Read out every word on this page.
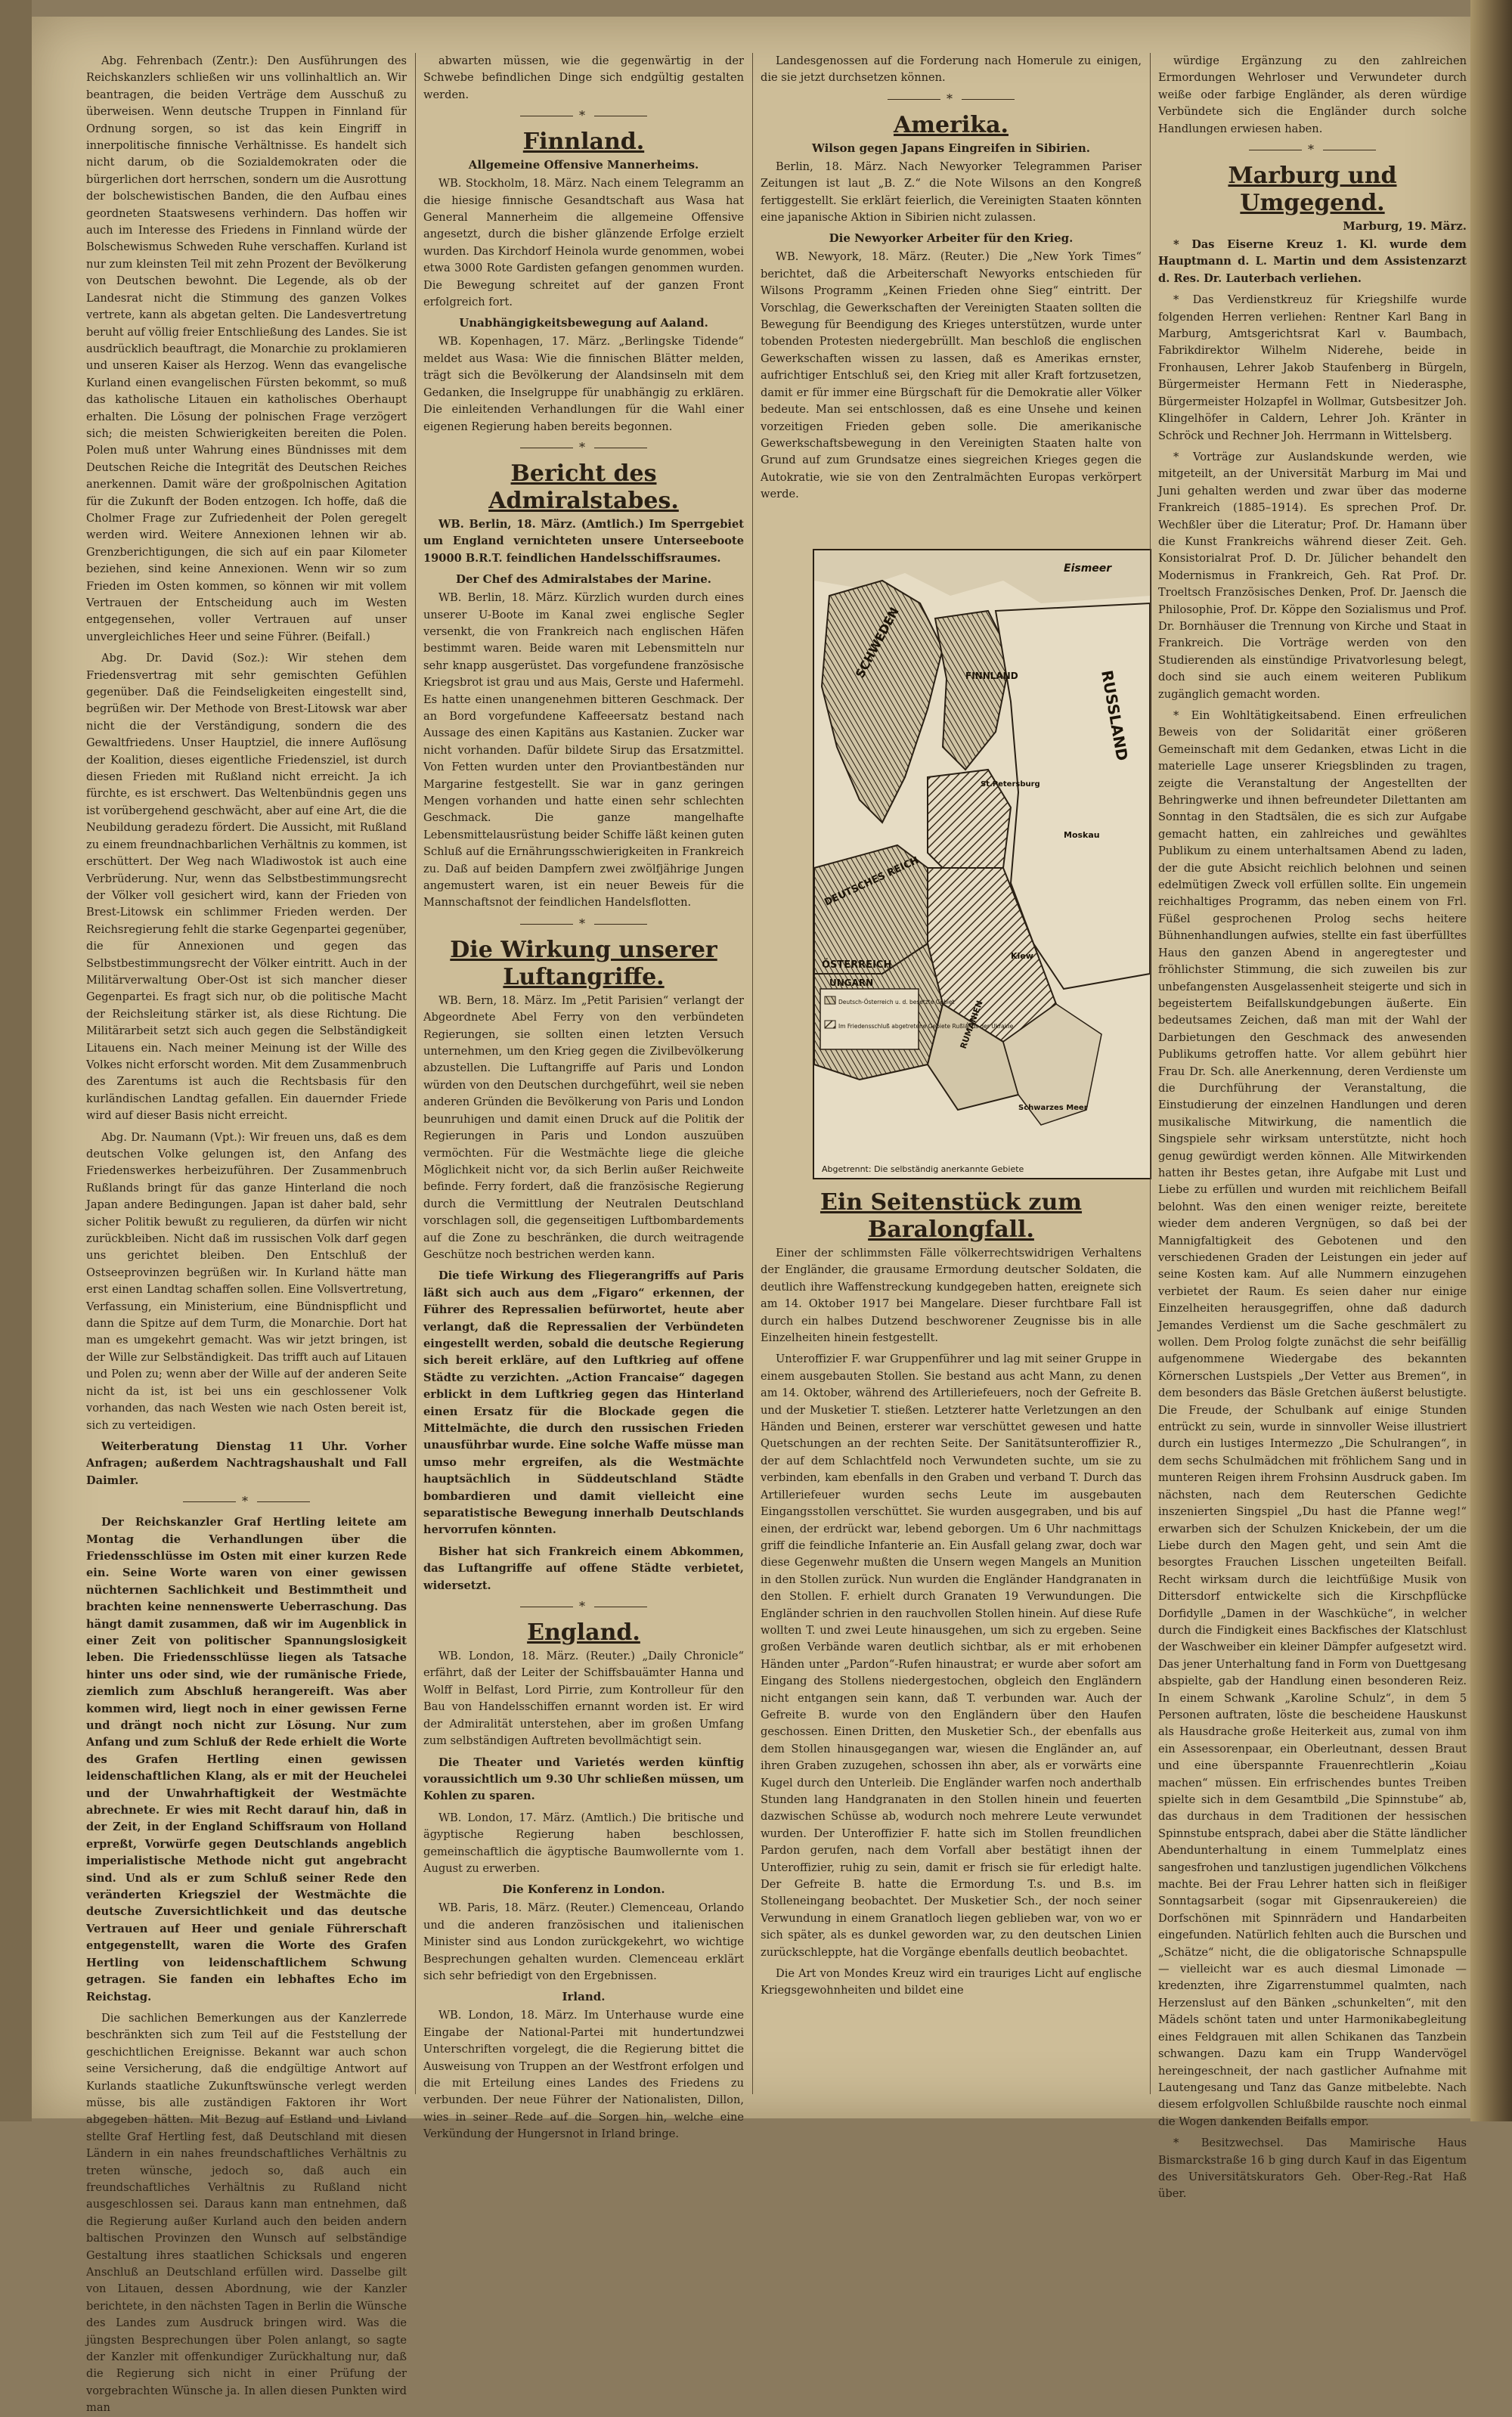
Abg. Fehrenbach (Zentr.): Den Ausführungen des Reichskanzlers schließen wir uns vollinhaltlich an. Wir beantragen, die beiden Verträge dem Ausschuß zu überweisen. Wenn deutsche Truppen in Finnland für Ordnung sorgen, so ist das kein Eingriff in innerpolitische finnische Verhältnisse. Es handelt sich nicht darum, ob die Sozialdemokraten oder die bürgerlichen dort herrschen, sondern um die Ausrottung der bolschewistischen Banden, die den Aufbau eines geordneten Staatswesens verhindern. Das hoffen wir auch im Interesse des Friedens in Finnland würde der Bolschewismus Schweden Ruhe verschaffen. Kurland ist nur zum kleinsten Teil mit zehn Prozent der Bevölkerung von Deutschen bewohnt. Die Legende, als ob der Landesrat nicht die Stimmung des ganzen Volkes vertrete, kann als abgetan gelten. Die Landesvertretung beruht auf völlig freier Entschließung des Landes. Sie ist ausdrücklich beauftragt, die Monarchie zu proklamieren und unseren Kaiser als Herzog. Wenn das evangelische Kurland einen evangelischen Fürsten bekommt, so muß das katholische Litauen ein katholisches Oberhaupt erhalten. Die Lösung der polnischen Frage verzögert sich; die meisten Schwierigkeiten bereiten die Polen. Polen muß unter Wahrung eines Bündnisses mit dem Deutschen Reiche die Integrität des Deutschen Reiches anerkennen. Damit wäre der großpolnischen Agitation für die Zukunft der Boden entzogen. Ich hoffe, daß die Cholmer Frage zur Zufriedenheit der Polen geregelt werden wird. Weitere Annexionen lehnen wir ab. Grenzberichtigungen, die sich auf ein paar Kilometer beziehen, sind keine Annexionen. Wenn wir so zum Frieden im Osten kommen, so können wir mit vollem Vertrauen der Entscheidung auch im Westen entgegensehen, voller Vertrauen auf unser unvergleichliches Heer und seine Führer. (Beifall.)

Abg. Dr. David (Soz.): Wir stehen dem Friedensvertrag mit sehr gemischten Gefühlen gegenüber. Daß die Feindseligkeiten eingestellt sind, begrüßen wir. Der Methode von Brest-Litowsk war aber nicht die der Verständigung, sondern die des Gewaltfriedens. Unser Hauptziel, die innere Auflösung der Koalition, dieses eigentliche Friedensziel, ist durch diesen Frieden mit Rußland nicht erreicht. Ja ich fürchte, es ist erschwert. Das Weltenbündnis gegen uns ist vorübergehend geschwächt, aber auf eine Art, die die Neubildung geradezu fördert. Die Aussicht, mit Rußland zu einem freundnachbarlichen Verhältnis zu kommen, ist erschüttert. Der Weg nach Wladiwostok ist auch eine Verbrüderung. Nur, wenn das Selbstbestimmungsrecht der Völker voll gesichert wird, kann der Frieden von Brest-Litowsk ein schlimmer Frieden werden. Der Reichsregierung fehlt die starke Gegenpartei gegenüber, die für Annexionen und gegen das Selbstbestimmungsrecht der Völker eintritt. Auch in der Militärverwaltung Ober-Ost ist sich mancher dieser Gegenpartei. Es fragt sich nur, ob die politische Macht der Reichsleitung stärker ist, als diese Richtung. Die Militärarbeit setzt sich auch gegen die Selbständigkeit Litauens ein. Nach meiner Meinung ist der Wille des Volkes nicht erforscht worden. Mit dem Zusammenbruch des Zarentums ist auch die Rechtsbasis für den kurländischen Landtag gefallen. Ein dauernder Friede wird auf dieser Basis nicht erreicht.

Abg. Dr. Naumann (Vpt.): Wir freuen uns, daß es dem deutschen Volke gelungen ist, den Anfang des Friedenswerkes herbeizuführen. Der Zusammenbruch Rußlands bringt für das ganze Hinterland die noch Japan andere Bedingungen. Japan ist daher bald, sehr sicher Politik bewußt zu regulieren, da dürfen wir nicht zurückbleiben. Nicht daß im russischen Volk darf gegen uns gerichtet bleiben. Den Entschluß der Ostseeprovinzen begrüßen wir. In Kurland hätte man erst einen Landtag schaffen sollen. Eine Vollsvertretung, Verfassung, ein Ministerium, eine Bündnispflicht und dann die Spitze auf dem Turm, die Monarchie. Dort hat man es umgekehrt gemacht. Was wir jetzt bringen, ist der Wille zur Selbständigkeit. Das trifft auch auf Litauen und Polen zu; wenn aber der Wille auf der anderen Seite nicht da ist, ist bei uns ein geschlossener Volk vorhanden, das nach Westen wie nach Osten bereit ist, sich zu verteidigen.

Weiterberatung Dienstag 11 Uhr. Vorher Anfragen; außerdem Nachtragshaushalt und Fall Daimler.

*

Der Reichskanzler Graf Hertling leitete am Montag die Verhandlungen über die Friedensschlüsse im Osten mit einer kurzen Rede ein. Seine Worte waren von einer gewissen nüchternen Sachlichkeit und Bestimmtheit und brachten keine nennenswerte Ueberraschung. Das hängt damit zusammen, daß wir im Augenblick in einer Zeit von politischer Spannungslosigkeit leben. Die Friedensschlüsse liegen als Tatsache hinter uns oder sind, wie der rumänische Friede, ziemlich zum Abschluß herangereift. Was aber kommen wird, liegt noch in einer gewissen Ferne und drängt noch nicht zur Lösung. Nur zum Anfang und zum Schluß der Rede erhielt die Worte des Grafen Hertling einen gewissen leidenschaftlichen Klang, als er mit der Heuchelei und der Unwahrhaftigkeit der Westmächte abrechnete. Er wies mit Recht darauf hin, daß in der Zeit, in der England Schiffsraum von Holland erpreßt, Vorwürfe gegen Deutschlands angeblich imperialistische Methode nicht gut angebracht sind. Und als er zum Schluß seiner Rede den veränderten Kriegsziel der Westmächte die deutsche Zuversichtlichkeit und das deutsche Vertrauen auf Heer und geniale Führerschaft entgegenstellt, waren die Worte des Grafen Hertling von leidenschaftlichem Schwung getragen. Sie fanden ein lebhaftes Echo im Reichstag.

Die sachlichen Bemerkungen aus der Kanzlerrede beschränkten sich zum Teil auf die Feststellung der geschichtlichen Ereignisse. Bekannt war auch schon seine Versicherung, daß die endgültige Antwort auf Kurlands staatliche Zukunftswünsche verlegt werden müsse, bis alle zuständigen Faktoren ihr Wort abgegeben hätten. Mit Bezug auf Estland und Livland stellte Graf Hertling fest, daß Deutschland mit diesen Ländern in ein nahes freundschaftliches Verhältnis zu treten wünsche, jedoch so, daß auch ein freundschaftliches Verhältnis zu Rußland nicht ausgeschlossen sei. Daraus kann man entnehmen, daß die Regierung außer Kurland auch den beiden andern baltischen Provinzen den Wunsch auf selbständige Gestaltung ihres staatlichen Schicksals und engeren Anschluß an Deutschland erfüllen wird. Dasselbe gilt von Litauen, dessen Abordnung, wie der Kanzler berichtete, in den nächsten Tagen in Berlin die Wünsche des Landes zum Ausdruck bringen wird. Was die jüngsten Besprechungen über Polen anlangt, so sagte der Kanzler mit offenkundiger Zurückhaltung nur, daß die Regierung sich nicht in einer Prüfung der vorgebrachten Wünsche ja. In allen diesen Punkten wird man

abwarten müssen, wie die gegenwärtig in der Schwebe befindlichen Dinge sich endgültig gestalten werden.

*
Finnland.
Allgemeine Offensive Mannerheims.

WB. Stockholm, 18. März. Nach einem Telegramm an die hiesige finnische Gesandtschaft aus Wasa hat General Mannerheim die allgemeine Offensive angesetzt, durch die bisher glänzende Erfolge erzielt wurden. Das Kirchdorf Heinola wurde genommen, wobei etwa 3000 Rote Gardisten gefangen genommen wurden. Die Bewegung schreitet auf der ganzen Front erfolgreich fort.

Unabhängigkeitsbewegung auf Aaland.

WB. Kopenhagen, 17. März. „Berlingske Tidende“ meldet aus Wasa: Wie die finnischen Blätter melden, trägt sich die Bevölkerung der Alandsinseln mit dem Gedanken, die Inselgruppe für unabhängig zu erklären. Die einleitenden Verhandlungen für die Wahl einer eigenen Regierung haben bereits begonnen.

*
Bericht des Admiralstabes.

WB. Berlin, 18. März. (Amtlich.) Im Sperrgebiet um England vernichteten unsere Unterseeboote 19000 B.R.T. feindlichen Handelsschiffsraumes.

Der Chef des Admiralstabes der Marine.

WB. Berlin, 18. März. Kürzlich wurden durch eines unserer U-Boote im Kanal zwei englische Segler versenkt, die von Frankreich nach englischen Häfen bestimmt waren. Beide waren mit Lebensmitteln nur sehr knapp ausgerüstet. Das vorgefundene französische Kriegsbrot ist grau und aus Mais, Gerste und Hafermehl. Es hatte einen unangenehmen bitteren Geschmack. Der an Bord vorgefundene Kaffeeersatz bestand nach Aussage des einen Kapitäns aus Kastanien. Zucker war nicht vorhanden. Dafür bildete Sirup das Ersatzmittel. Von Fetten wurden unter den Proviantbeständen nur Margarine festgestellt. Sie war in ganz geringen Mengen vorhanden und hatte einen sehr schlechten Geschmack. Die ganze mangelhafte Lebensmittelausrüstung beider Schiffe läßt keinen guten Schluß auf die Ernährungsschwierigkeiten in Frankreich zu. Daß auf beiden Dampfern zwei zwölfjährige Jungen angemustert waren, ist ein neuer Beweis für die Mannschaftsnot der feindlichen Handelsflotten.

*
Die Wirkung unserer Luftangriffe.

WB. Bern, 18. März. Im „Petit Parisien“ verlangt der Abgeordnete Abel Ferry von den verbündeten Regierungen, sie sollten einen letzten Versuch unternehmen, um den Krieg gegen die Zivilbevölkerung abzustellen. Die Luftangriffe auf Paris und London würden von den Deutschen durchgeführt, weil sie neben anderen Gründen die Bevölkerung von Paris und London beunruhigen und damit einen Druck auf die Politik der Regierungen in Paris und London auszuüben vermöchten. Für die Westmächte liege die gleiche Möglichkeit nicht vor, da sich Berlin außer Reichweite befinde. Ferry fordert, daß die französische Regierung durch die Vermittlung der Neutralen Deutschland vorschlagen soll, die gegenseitigen Luftbombardements auf die Zone zu beschränken, die durch weitragende Geschütze noch bestrichen werden kann.

Die tiefe Wirkung des Fliegerangriffs auf Paris läßt sich auch aus dem „Figaro“ erkennen, der Führer des Repressalien befürwortet, heute aber verlangt, daß die Repressalien der Verbündeten eingestellt werden, sobald die deutsche Regierung sich bereit erkläre, auf den Luftkrieg auf offene Städte zu verzichten. „Action Francaise“ dagegen erblickt in dem Luftkrieg gegen das Hinterland einen Ersatz für die Blockade gegen die Mittelmächte, die durch den russischen Frieden unausführbar wurde. Eine solche Waffe müsse man umso mehr ergreifen, als die Westmächte hauptsächlich in Süddeutschland Städte bombardieren und damit vielleicht eine separatistische Bewegung innerhalb Deutschlands hervorrufen könnten.

Bisher hat sich Frankreich einem Abkommen, das Luftangriffe auf offene Städte verbietet, widersetzt.

*
England.

WB. London, 18. März. (Reuter.) „Daily Chronicle“ erfährt, daß der Leiter der Schiffsbauämter Hanna und Wolff in Belfast, Lord Pirrie, zum Kontrolleur für den Bau von Handelsschiffen ernannt worden ist. Er wird der Admiralität unterstehen, aber im großen Umfang zum selbständigen Auftreten bevollmächtigt sein.

Die Theater und Varietés werden künftig voraussichtlich um 9.30 Uhr schließen müssen, um Kohlen zu sparen.

WB. London, 17. März. (Amtlich.) Die britische und ägyptische Regierung haben beschlossen, gemeinschaftlich die ägyptische Baumwollernte vom 1. August zu erwerben.

Die Konferenz in London.

WB. Paris, 18. März. (Reuter.) Clemenceau, Orlando und die anderen französischen und italienischen Minister sind aus London zurückgekehrt, wo wichtige Besprechungen gehalten wurden. Clemenceau erklärt sich sehr befriedigt von den Ergebnissen.

Irland.

WB. London, 18. März. Im Unterhause wurde eine Eingabe der National-Partei mit hundertundzwei Unterschriften vorgelegt, die die Regierung bittet die Ausweisung von Truppen an der Westfront erfolgen und die mit Erteilung eines Landes des Friedens zu verbunden. Der neue Führer der Nationalisten, Dillon, wies in seiner Rede auf die Sorgen hin, welche eine Verkündung der Hungersnot in Irland bringe.

Landesgenossen auf die Forderung nach Homerule zu einigen, die sie jetzt durchsetzen können.

*
Amerika.
Wilson gegen Japans Eingreifen in Sibirien.

Berlin, 18. März. Nach Newyorker Telegrammen Pariser Zeitungen ist laut „B. Z.“ die Note Wilsons an den Kongreß fertiggestellt. Sie erklärt feierlich, die Vereinigten Staaten könnten eine japanische Aktion in Sibirien nicht zulassen.

Die Newyorker Arbeiter für den Krieg.

WB. Newyork, 18. März. (Reuter.) Die „New York Times“ berichtet, daß die Arbeiterschaft Newyorks entschieden für Wilsons Programm „Keinen Frieden ohne Sieg“ eintritt. Der Vorschlag, die Gewerkschaften der Vereinigten Staaten sollten die Bewegung für Beendigung des Krieges unterstützen, wurde unter tobenden Protesten niedergebrüllt. Man beschloß die englischen Gewerkschaften wissen zu lassen, daß es Amerikas ernster, aufrichtiger Entschluß sei, den Krieg mit aller Kraft fortzusetzen, damit er für immer eine Bürgschaft für die Demokratie aller Völker bedeute. Man sei entschlossen, daß es eine Unsehe und keinen vorzeitigen Frieden geben solle. Die amerikanische Gewerkschaftsbewegung in den Vereinigten Staaten halte von Grund auf zum Grundsatze eines siegreichen Krieges gegen die Autokratie, wie sie von den Zentralmächten Europas verkörpert werde.

SCHWEDEN	FINNLAND	RUSSLAND
DEUTSCHES REICH
ÖSTERREICH
UNGARN
RUMÄNIEN
Eismeer
Schwarzes Meer
St.Petersburg
Moskau
Kiew
Deutsch-Österreich u. d. besetzte Gebiet
Im Friedensschluß abgetretene Gebiete Rußlands der Ukraine
Abgetrennt: Die selbständig anerkannte Gebiete
Ein Seitenstück zum Baralongfall.

Einer der schlimmsten Fälle völkerrechtswidrigen Verhaltens der Engländer, die grausame Ermordung deutscher Soldaten, die deutlich ihre Waffenstreckung kundgegeben hatten, ereignete sich am 14. Oktober 1917 bei Mangelare. Dieser furchtbare Fall ist durch ein halbes Dutzend beschworener Zeugnisse bis in alle Einzelheiten hinein festgestellt.

Unteroffizier F. war Gruppenführer und lag mit seiner Gruppe in einem ausgebauten Stollen. Sie bestand aus acht Mann, zu denen am 14. Oktober, während des Artilleriefeuers, noch der Gefreite B. und der Musketier T. stießen. Letzterer hatte Verletzungen an den Händen und Beinen, ersterer war verschüttet gewesen und hatte Quetschungen an der rechten Seite. Der Sanitätsunteroffizier R., der auf dem Schlachtfeld noch Verwundeten suchte, um sie zu verbinden, kam ebenfalls in den Graben und verband T. Durch das Artilleriefeuer wurden sechs Leute im ausgebauten Eingangsstollen verschüttet. Sie wurden ausgegraben, und bis auf einen, der erdrückt war, lebend geborgen. Um 6 Uhr nachmittags griff die feindliche Infanterie an. Ein Ausfall gelang zwar, doch war diese Gegenwehr mußten die Unsern wegen Mangels an Munition in den Stollen zurück. Nun wurden die Engländer Handgranaten in den Stollen. F. erhielt durch Granaten 19 Verwundungen. Die Engländer schrien in den rauchvollen Stollen hinein. Auf diese Rufe wollten T. und zwei Leute hinausgehen, um sich zu ergeben. Seine großen Verbände waren deutlich sichtbar, als er mit erhobenen Händen unter „Pardon“-Rufen hinaustrat; er wurde aber sofort am Eingang des Stollens niedergestochen, obgleich den Engländern nicht entgangen sein kann, daß T. verbunden war. Auch der Gefreite B. wurde von den Engländern über den Haufen geschossen. Einen Dritten, den Musketier Sch., der ebenfalls aus dem Stollen hinausgegangen war, wiesen die Engländer an, auf ihren Graben zuzugehen, schossen ihn aber, als er vorwärts eine Kugel durch den Unterleib. Die Engländer warfen noch anderthalb Stunden lang Handgranaten in den Stollen hinein und feuerten dazwischen Schüsse ab, wodurch noch mehrere Leute verwundet wurden. Der Unteroffizier F. hatte sich im Stollen freundlichen Pardon gerufen, nach dem Vorfall aber bestätigt ihnen der Unteroffizier, ruhig zu sein, damit er frisch sie für erledigt halte. Der Gefreite B. hatte die Ermordung T.s. und B.s. im Stolleneingang beobachtet. Der Musketier Sch., der noch seiner Verwundung in einem Granatloch liegen geblieben war, von wo er sich später, als es dunkel geworden war, zu den deutschen Linien zurückschleppte, hat die Vorgänge ebenfalls deutlich beobachtet.

Die Art von Mondes Kreuz wird ein trauriges Licht auf englische Kriegsgewohnheiten und bildet eine

würdige Ergänzung zu den zahlreichen Ermordungen Wehrloser und Verwundeter durch weiße oder farbige Engländer, als deren würdige Verbündete sich die Engländer durch solche Handlungen erwiesen haben.

*
Marburg und Umgegend.
Marburg, 19. März.

* Das Eiserne Kreuz 1. Kl. wurde dem Hauptmann d. L. Martin und dem Assistenzarzt d. Res. Dr. Lauterbach verliehen.

* Das Verdienstkreuz für Kriegshilfe wurde folgenden Herren verliehen: Rentner Karl Bang in Marburg, Amtsgerichtsrat Karl v. Baumbach, Fabrikdirektor Wilhelm Niderehe, beide in Fronhausen, Lehrer Jakob Staufenberg in Bürgeln, Bürgermeister Hermann Fett in Niederasphe, Bürgermeister Holzapfel in Wollmar, Gutsbesitzer Joh. Klingelhöfer in Caldern, Lehrer Joh. Kränter in Schröck und Rechner Joh. Herrmann in Wittelsberg.

* Vorträge zur Auslandskunde werden, wie mitgeteilt, an der Universität Marburg im Mai und Juni gehalten werden und zwar über das moderne Frankreich (1885–1914). Es sprechen Prof. Dr. Wechßler über die Literatur; Prof. Dr. Hamann über die Kunst Frankreichs während dieser Zeit. Geh. Konsistorialrat Prof. D. Dr. Jülicher behandelt den Modernismus in Frankreich, Geh. Rat Prof. Dr. Troeltsch Französisches Denken, Prof. Dr. Jaensch die Philosophie, Prof. Dr. Köppe den Sozialismus und Prof. Dr. Bornhäuser die Trennung von Kirche und Staat in Frankreich. Die Vorträge werden von den Studierenden als einstündige Privatvorlesung belegt, doch sind sie auch einem weiteren Publikum zugänglich gemacht worden.

* Ein Wohltätigkeitsabend. Einen erfreulichen Beweis von der Solidarität einer größeren Gemeinschaft mit dem Gedanken, etwas Licht in die materielle Lage unserer Kriegsblinden zu tragen, zeigte die Veranstaltung der Angestellten der Behringwerke und ihnen befreundeter Dilettanten am Sonntag in den Stadtsälen, die es sich zur Aufgabe gemacht hatten, ein zahlreiches und gewähltes Publikum zu einem unterhaltsamen Abend zu laden, der die gute Absicht reichlich belohnen und seinen edelmütigen Zweck voll erfüllen sollte. Ein ungemein reichhaltiges Programm, das neben einem von Frl. Füßel gesprochenen Prolog sechs heitere Bühnenhandlungen aufwies, stellte ein fast überfülltes Haus den ganzen Abend in angeregtester und fröhlichster Stimmung, die sich zuweilen bis zur unbefangensten Ausgelassenheit steigerte und sich in begeistertem Beifallskundgebungen äußerte. Ein bedeutsames Zeichen, daß man mit der Wahl der Darbietungen den Geschmack des anwesenden Publikums getroffen hatte. Vor allem gebührt hier Frau Dr. Sch. alle Anerkennung, deren Verdienste um die Durchführung der Veranstaltung, die Einstudierung der einzelnen Handlungen und deren musikalische Mitwirkung, die namentlich die Singspiele sehr wirksam unterstützte, nicht hoch genug gewürdigt werden können. Alle Mitwirkenden hatten ihr Bestes getan, ihre Aufgabe mit Lust und Liebe zu erfüllen und wurden mit reichlichem Beifall belohnt. Was den einen weniger reizte, bereitete wieder dem anderen Vergnügen, so daß bei der Mannigfaltigkeit des Gebotenen und den verschiedenen Graden der Leistungen ein jeder auf seine Kosten kam. Auf alle Nummern einzugehen verbietet der Raum. Es seien daher nur einige Einzelheiten herausgegriffen, ohne daß dadurch Jemandes Verdienst um die Sache geschmälert zu wollen. Dem Prolog folgte zunächst die sehr beifällig aufgenommene Wiedergabe des bekannten Körnerschen Lustspiels „Der Vetter aus Bremen“, in dem besonders das Bäsle Gretchen äußerst belustigte. Die Freude, der Schulbank auf einige Stunden entrückt zu sein, wurde in sinnvoller Weise illustriert durch ein lustiges Intermezzo „Die Schulrangen“, in dem sechs Schulmädchen mit fröhlichem Sang und in munteren Reigen ihrem Frohsinn Ausdruck gaben. Im nächsten, nach dem Reuterschen Gedichte inszenierten Singspiel „Du hast die Pfanne weg!“ erwarben sich der Schulzen Knickebein, der um die Liebe durch den Magen geht, und sein Amt die besorgtes Frauchen Lisschen ungeteilten Beifall. Recht wirksam durch die leichtfüßige Musik von Dittersdorf entwickelte sich die Kirschpflücke Dorfidylle „Damen in der Waschküche“, in welcher durch die Findigkeit eines Backfisches der Klatschlust der Waschweiber ein kleiner Dämpfer aufgesetzt wird. Das jener Unterhaltung fand in Form von Duettgesang abspielte, gab der Handlung einen besonderen Reiz. In einem Schwank „Karoline Schulz“, in dem 5 Personen auftraten, löste die bescheidene Hauskunst als Hausdrache große Heiterkeit aus, zumal von ihm ein Assessorenpaar, ein Oberleutnant, dessen Braut und eine überspannte Frauenrechtlerin „Koiau machen“ müssen. Ein erfrischendes buntes Treiben spielte sich in dem Gesamtbild „Die Spinnstube“ ab, das durchaus in dem Traditionen der hessischen Spinnstube entsprach, dabei aber die Stätte ländlicher Abendunterhaltung in einem Tummelplatz eines sangesfrohen und tanzlustigen jugendlichen Völkchens machte. Bei der Frau Lehrer hatten sich in fleißiger Sonntagsarbeit (sogar mit Gipsenraukereien) die Dorfschönen mit Spinnrädern und Handarbeiten eingefunden. Natürlich fehlten auch die Burschen und „Schätze“ nicht, die die obligatorische Schnapspulle — vielleicht war es auch diesmal Limonade — kredenzten, ihre Zigarrenstummel qualmten, nach Herzenslust auf den Bänken „schunkelten“, mit den Mädels schönt taten und unter Harmonikabegleitung eines Feldgrauen mit allen Schikanen das Tanzbein schwangen. Dazu kam ein Trupp Wandervögel hereingeschneit, der nach gastlicher Aufnahme mit Lautengesang und Tanz das Ganze mitbelebte. Nach diesem erfolgvollen Schlußbilde rauschte noch einmal die Wogen dankenden Beifalls empor.

* Besitzwechsel. Das Mamirische Haus Bismarckstraße 16 b ging durch Kauf in das Eigentum des Universitätskurators Geh. Ober-Reg.-Rat Haß über.
